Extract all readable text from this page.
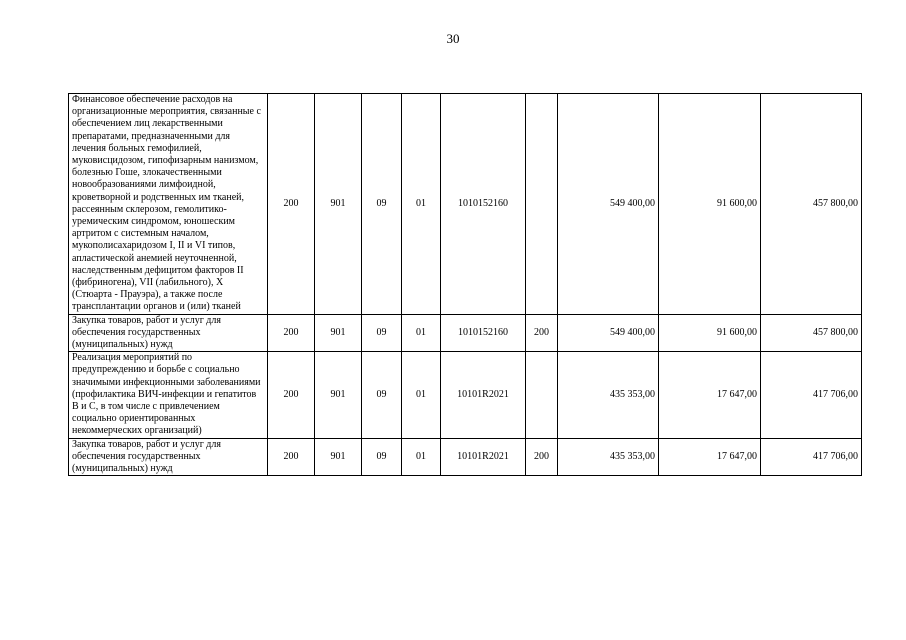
30
Финансовое обеспечение расходов на организационные мероприятия, связанные с обеспечением лиц лекарственными препаратами, предназначенными для лечения больных гемофилией, муковисцидозом, гипофизарным нанизмом, болезнью Гоше, злокачественными новообразованиями лимфоидной, кроветворной и родственных им тканей, рассеянным склерозом, гемолитико-уремическим синдромом, юношеским артритом с системным началом, мукополисахаридозом I, II и VI типов, апластической анемией неуточненной, наследственным дефицитом факторов II (фибриногена), VII (лабильного), X (Стюарта - Прауэра), а также после трансплантации органов и (или) тканей	200	901	09	01	1010152160		549 400,00	91 600,00	457 800,00
Закупка товаров, работ и услуг для обеспечения государственных (муниципальных) нужд	200	901	09	01	1010152160	200	549 400,00	91 600,00	457 800,00
Реализация мероприятий по предупреждению и борьбе с социально значимыми инфекционными заболеваниями (профилактика ВИЧ-инфекции и гепатитов B и C, в том числе с привлечением социально ориентированных некоммерческих организаций)	200	901	09	01	10101R2021		435 353,00	17 647,00	417 706,00
Закупка товаров, работ и услуг для обеспечения государственных (муниципальных) нужд	200	901	09	01	10101R2021	200	435 353,00	17 647,00	417 706,00
